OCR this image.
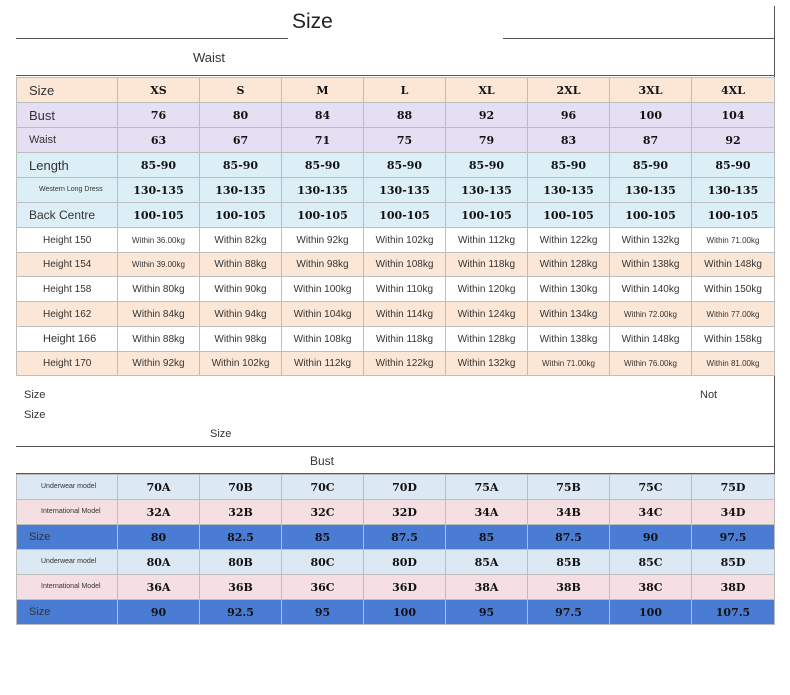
Size
Waist
Size	XS	S	M	L	XL	2XL	3XL	4XL
Bust	76	80	84	88	92	96	100	104
Waist	63	67	71	75	79	83	87	92
Length	85-90	85-90	85-90	85-90	85-90	85-90	85-90	85-90
Western Long Dress	130-135	130-135	130-135	130-135	130-135	130-135	130-135	130-135
Back Centre	100-105	100-105	100-105	100-105	100-105	100-105	100-105	100-105
Height 150	Within 36.00kg	Within 82kg	Within 92kg	Within 102kg	Within 112kg	Within 122kg	Within 132kg	Within 71.00kg
Height 154	Within 39.00kg	Within 88kg	Within 98kg	Within 108kg	Within 118kg	Within 128kg	Within 138kg	Within 148kg
Height 158	Within 80kg	Within 90kg	Within 100kg	Within 110kg	Within 120kg	Within 130kg	Within 140kg	Within 150kg
Height 162	Within 84kg	Within 94kg	Within 104kg	Within 114kg	Within 124kg	Within 134kg	Within 72.00kg	Within 77.00kg
Height 166	Within 88kg	Within 98kg	Within 108kg	Within 118kg	Within 128kg	Within 138kg	Within 148kg	Within 158kg
Height 170	Within 92kg	Within 102kg	Within 112kg	Within 122kg	Within 132kg	Within 71.00kg	Within 76.00kg	Within 81.00kg
Size	Not
Size
Size
Bust
Underwear model	70A	70B	70C	70D	75A	75B	75C	75D
International Model	32A	32B	32C	32D	34A	34B	34C	34D
Size	80	82.5	85	87.5	85	87.5	90	97.5
Underwear model	80A	80B	80C	80D	85A	85B	85C	85D
International Model	36A	36B	36C	36D	38A	38B	38C	38D
Size	90	92.5	95	100	95	97.5	100	107.5
